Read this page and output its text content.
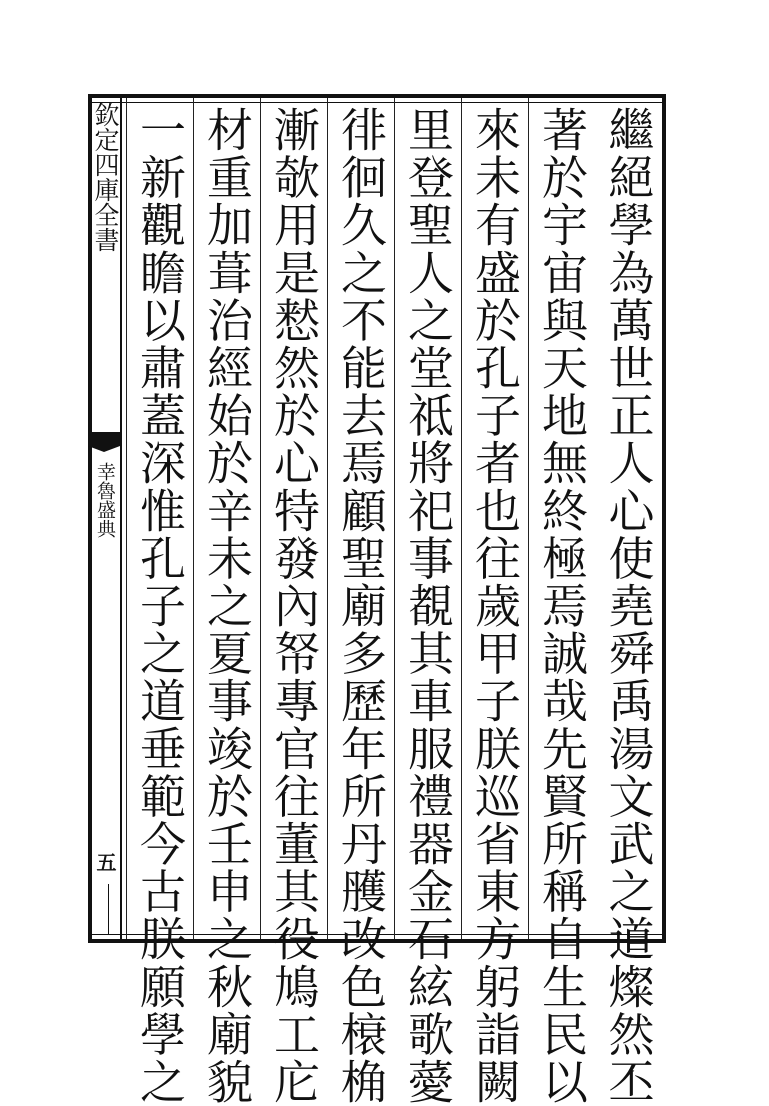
欽定四庫全書
幸魯盛典
五	繼絕學為萬世正人心使堯舜禹湯文武之道燦然丕
著於宇宙與天地無終極焉誠哉先賢所稱自生民以
來未有盛於孔子者也往歲甲子朕巡省東方躬詣闕
里登聖人之堂祗將祀事覩其車服禮器金石絃歌薆
徘徊久之不能去焉顧聖廟多歷年所丹雘改色榱桷
漸欹用是慭然於心特發內帑專官往董其役鳩工庀
材重加葺治經始於辛未之夏事竣於壬申之秋廟貌
一新觀瞻以肅蓋深惟孔子之道垂範今古朕願學之
